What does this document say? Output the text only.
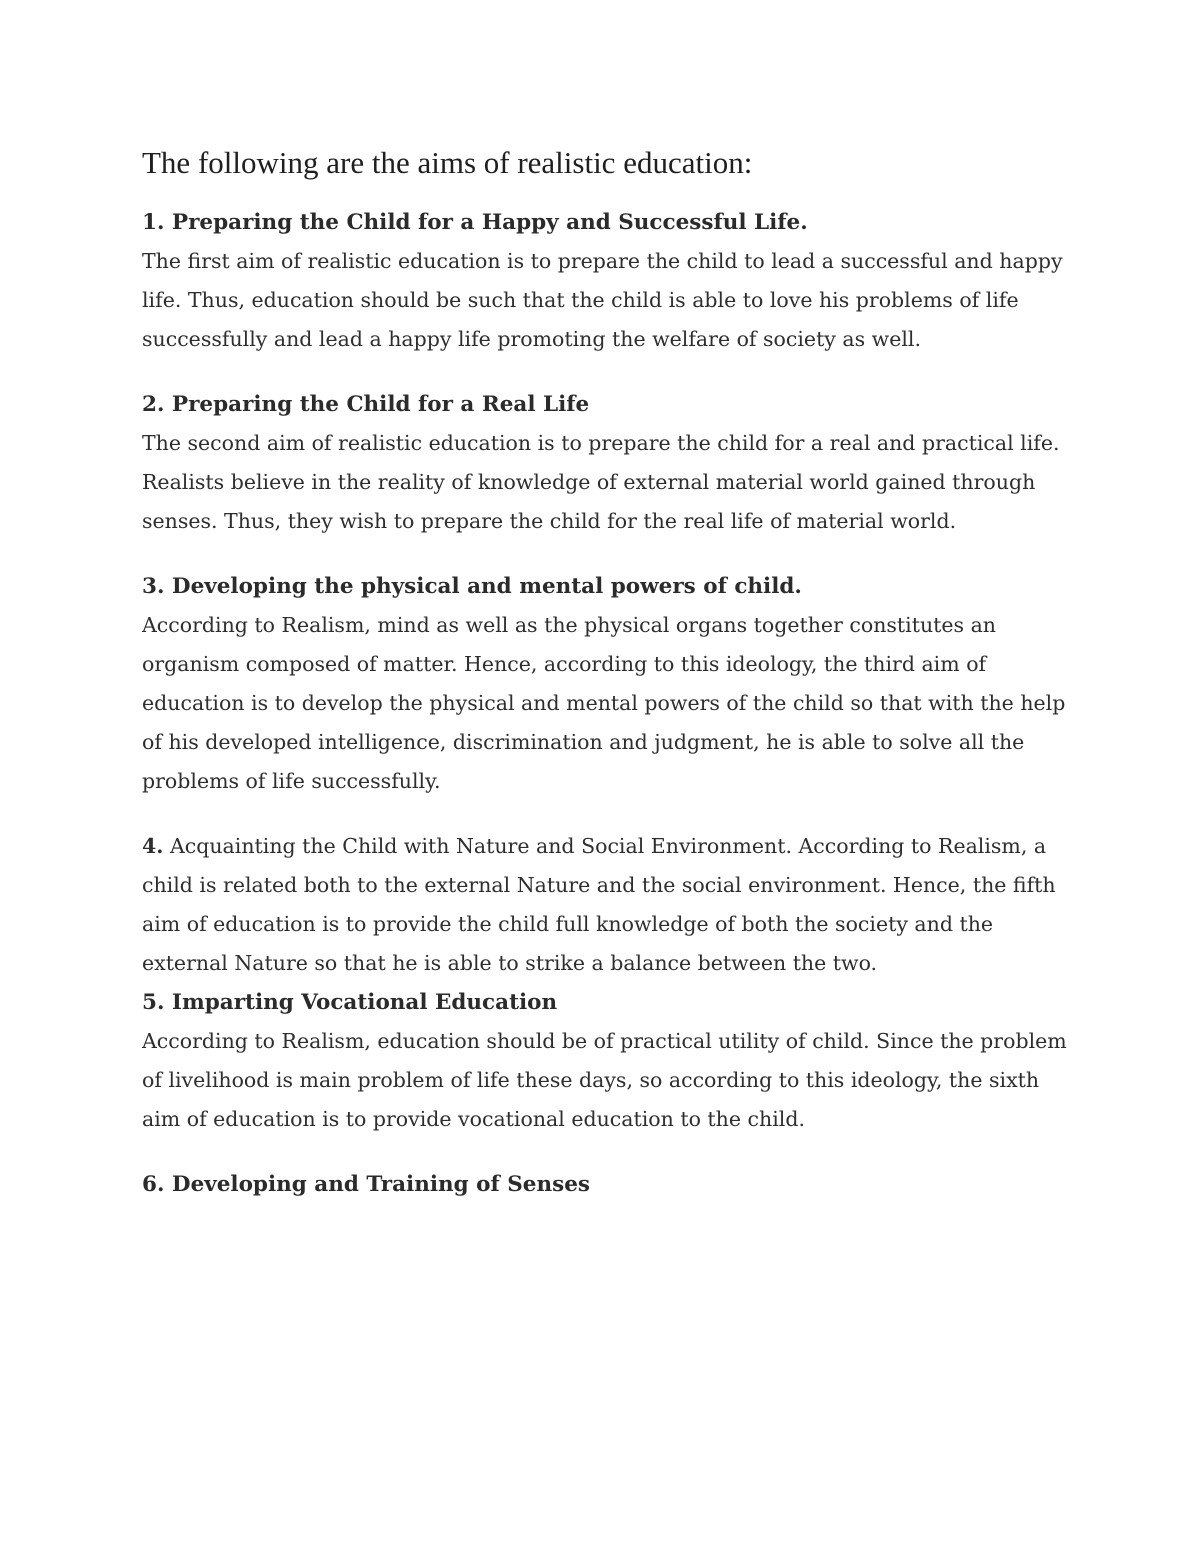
The following are the aims of realistic education:

1. Preparing the Child for a Happy and Successful Life.

The first aim of realistic education is to prepare the child to lead a successful and happy life. Thus, education should be such that the child is able to love his problems of life successfully and lead a happy life promoting the welfare of society as well.

2. Preparing the Child for a Real Life

The second aim of realistic education is to prepare the child for a real and practical life. Realists believe in the reality of knowledge of external material world gained through senses. Thus, they wish to prepare the child for the real life of material world.

3. Developing the physical and mental powers of child.

According to Realism, mind as well as the physical organs together constitutes an organism composed of matter. Hence, according to this ideology, the third aim of education is to develop the physical and mental powers of the child so that with the help of his developed intelligence, discrimination and judgment, he is able to solve all the problems of life successfully.

4. Acquainting the Child with Nature and Social Environment. According to Realism, a child is related both to the external Nature and the social environment. Hence, the fifth aim of education is to provide the child full knowledge of both the society and the external Nature so that he is able to strike a balance between the two.

5. Imparting Vocational Education

According to Realism, education should be of practical utility of child. Since the problem of livelihood is main problem of life these days, so according to this ideology, the sixth aim of education is to provide vocational education to the child.

6. Developing and Training of Senses
